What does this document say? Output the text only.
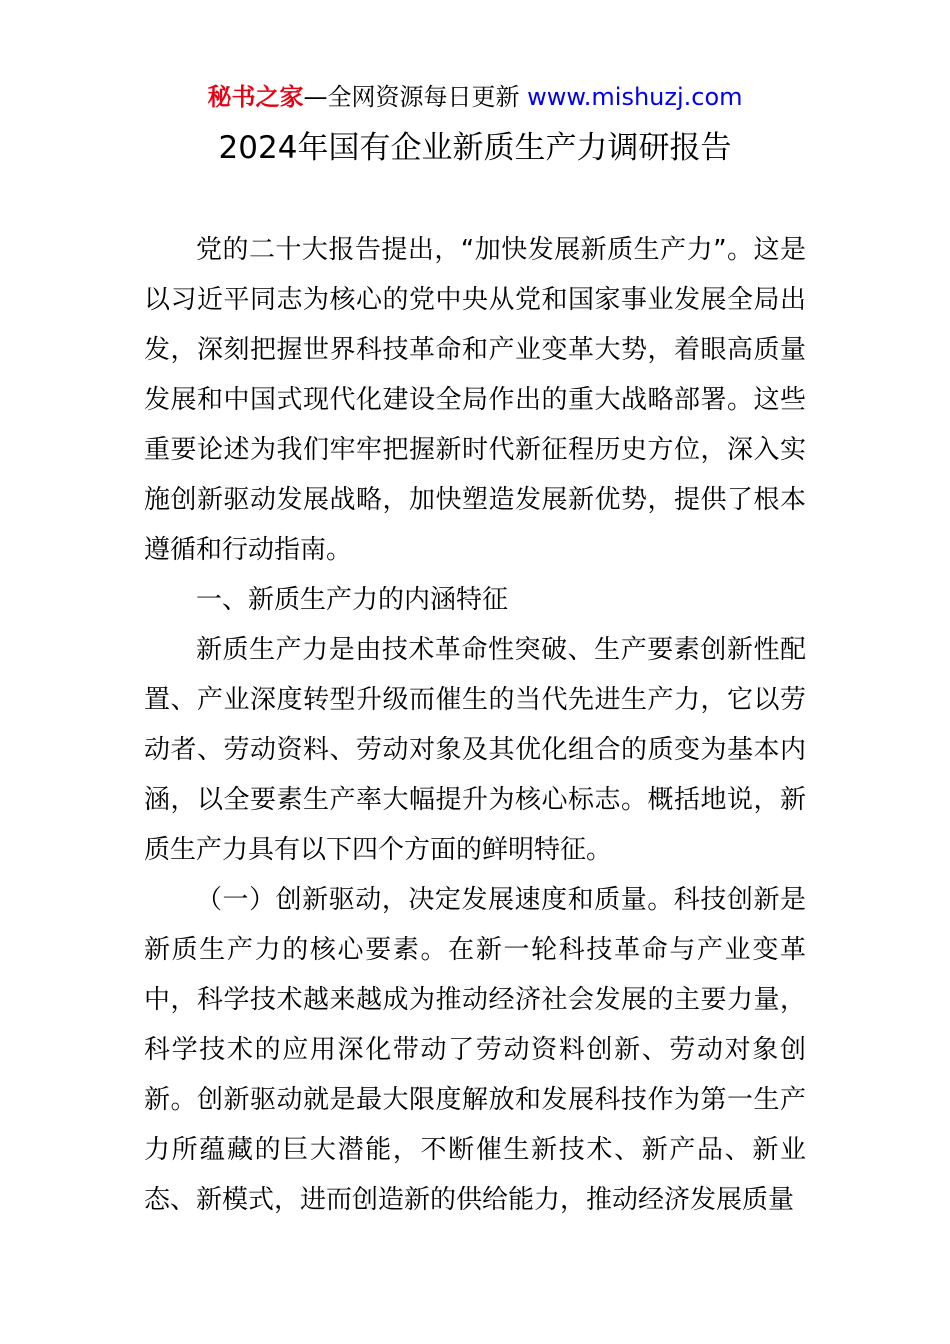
秘书之家—全网资源每日更新 www.mishuzj.com
2024年国有企业新质生产力调研报告

党的二十大报告提出，“加快发展新质生产力”。这是以习近平同志为核心的党中央从党和国家事业发展全局出发，深刻把握世界科技革命和产业变革大势，着眼高质量发展和中国式现代化建设全局作出的重大战略部署。这些重要论述为我们牢牢把握新时代新征程历史方位，深入实施创新驱动发展战略，加快塑造发展新优势，提供了根本遵循和行动指南。

一、新质生产力的内涵特征

新质生产力是由技术革命性突破、生产要素创新性配置、产业深度转型升级而催生的当代先进生产力，它以劳动者、劳动资料、劳动对象及其优化组合的质变为基本内涵，以全要素生产率大幅提升为核心标志。概括地说，新质生产力具有以下四个方面的鲜明特征。

（一）创新驱动，决定发展速度和质量。科技创新是新质生产力的核心要素。在新一轮科技革命与产业变革中，科学技术越来越成为推动经济社会发展的主要力量，科学技术的应用深化带动了劳动资料创新、劳动对象创新。创新驱动就是最大限度解放和发展科技作为第一生产力所蕴藏的巨大潜能，不断催生新技术、新产品、新业态、新模式，进而创造新的供给能力，推动经济发展质量
